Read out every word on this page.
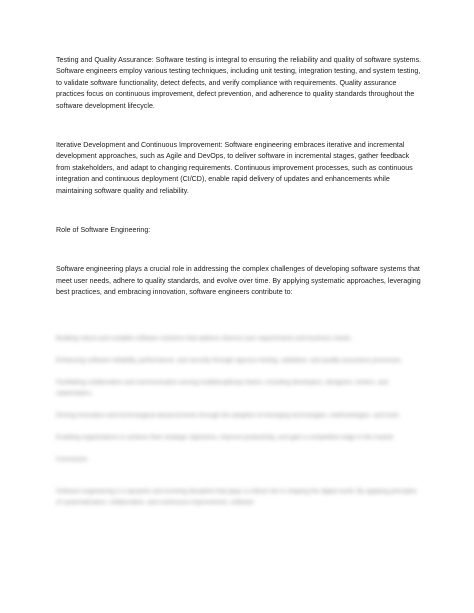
Testing and Quality Assurance: Software testing is integral to ensuring the reliability and quality of software systems. Software engineers employ various testing techniques, including unit testing, integration testing, and system testing, to validate software functionality, detect defects, and verify compliance with requirements. Quality assurance practices focus on continuous improvement, defect prevention, and adherence to quality standards throughout the software development lifecycle.

Iterative Development and Continuous Improvement: Software engineering embraces iterative and incremental development approaches, such as Agile and DevOps, to deliver software in incremental stages, gather feedback from stakeholders, and adapt to changing requirements. Continuous improvement processes, such as continuous integration and continuous deployment (CI/CD), enable rapid delivery of updates and enhancements while maintaining software quality and reliability.

Role of Software Engineering:

Software engineering plays a crucial role in addressing the complex challenges of developing software systems that meet user needs, adhere to quality standards, and evolve over time. By applying systematic approaches, leveraging best practices, and embracing innovation, software engineers contribute to:

Building robust and scalable software solutions that address diverse user requirements and business needs.

Enhancing software reliability, performance, and security through rigorous testing, validation, and quality assurance processes.

Facilitating collaboration and communication among multidisciplinary teams, including developers, designers, testers, and stakeholders.

Driving innovation and technological advancements through the adoption of emerging technologies, methodologies, and tools.

Enabling organizations to achieve their strategic objectives, improve productivity, and gain a competitive edge in the market.

Conclusion:

Software engineering is a dynamic and evolving discipline that plays a critical role in shaping the digital world. By applying principles of systematization, collaboration, and continuous improvement, software
